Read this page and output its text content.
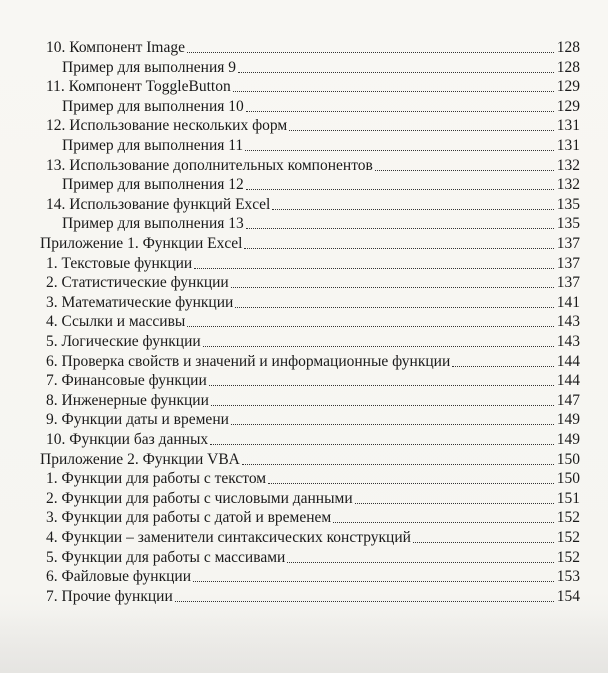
10. Компонент Image	128
Пример для выполнения 9	128
11. Компонент ToggleButton	129
Пример для выполнения 10	129
12. Использование нескольких форм	131
Пример для выполнения 11	131
13. Использование дополнительных компонентов	132
Пример для выполнения 12	132
14. Использование функций Excel	135
Пример для выполнения 13	135
Приложение 1. Функции Excel	137
1. Текстовые функции	137
2. Статистические функции	137
3. Математические функции	141
4. Ссылки и массивы	143
5. Логические функции	143
6. Проверка свойств и значений и информационные функции	144
7. Финансовые функции	144
8. Инженерные функции	147
9. Функции даты и времени	149
10. Функции баз данных	149
Приложение 2. Функции VBA	150
1. Функции для работы с текстом	150
2. Функции для работы с числовыми данными	151
3. Функции для работы с датой и временем	152
4. Функции – заменители синтаксических конструкций	152
5. Функции для работы с массивами	152
6. Файловые функции	153
7. Прочие функции	154
